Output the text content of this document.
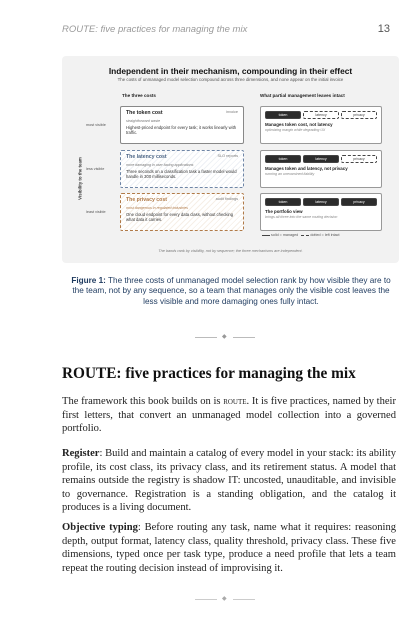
ROUTE: five practices for managing the mix	13
Independent in their mechanism, compounding in their effect
The costs of unmanaged model selection compound across three dimensions, and none appear on the initial invoice
The three costs	What partial management leaves intact
Visibility to the team
most visible
The token cost	invoice
straightforward waste
Highest-priced endpoint for every task; it works linearly with traffic.
token	latency	privacy
Manages token cost, not latency
optimizing margin while degrading UX
less visible
The latency cost	SLO reports
more damaging in user-facing applications
Three seconds on a classification task a faster model would handle in 300 milliseconds.
token	latency	privacy
Manages token and latency, not privacy
running an unexamined liability
least visible
The privacy cost	audit findings
most dangerous in regulated industries
One cloud endpoint for every data class, without checking what data it carries.
token	latency	privacy
The portfolio view
brings all three into the same routing decision
solid = managed	dotted = left intact
The bands rank by visibility, not by sequence; the three mechanisms are independent.
Figure 1: The three costs of unmanaged model selection rank by how visible they are to the team, not by any sequence, so a team that manages only the visible cost leaves the less visible and more damaging ones fully intact.
◆
ROUTE: five practices for managing the mix

The framework this book builds on is route. It is five practices, named by their first letters, that convert an unmanaged model collection into a governed portfolio.

Register: Build and maintain a catalog of every model in your stack: its ability profile, its cost class, its privacy class, and its retirement status. A model that remains outside the registry is shadow IT: uncosted, unauditable, and invisible to governance. Registration is a standing obligation, and the catalog it produces is a living document.

Objective typing: Before routing any task, name what it requires: reasoning depth, output format, latency class, quality threshold, privacy class. These five dimensions, typed once per task type, produce a need profile that lets a team repeat the routing decision instead of improvising it.

◆
